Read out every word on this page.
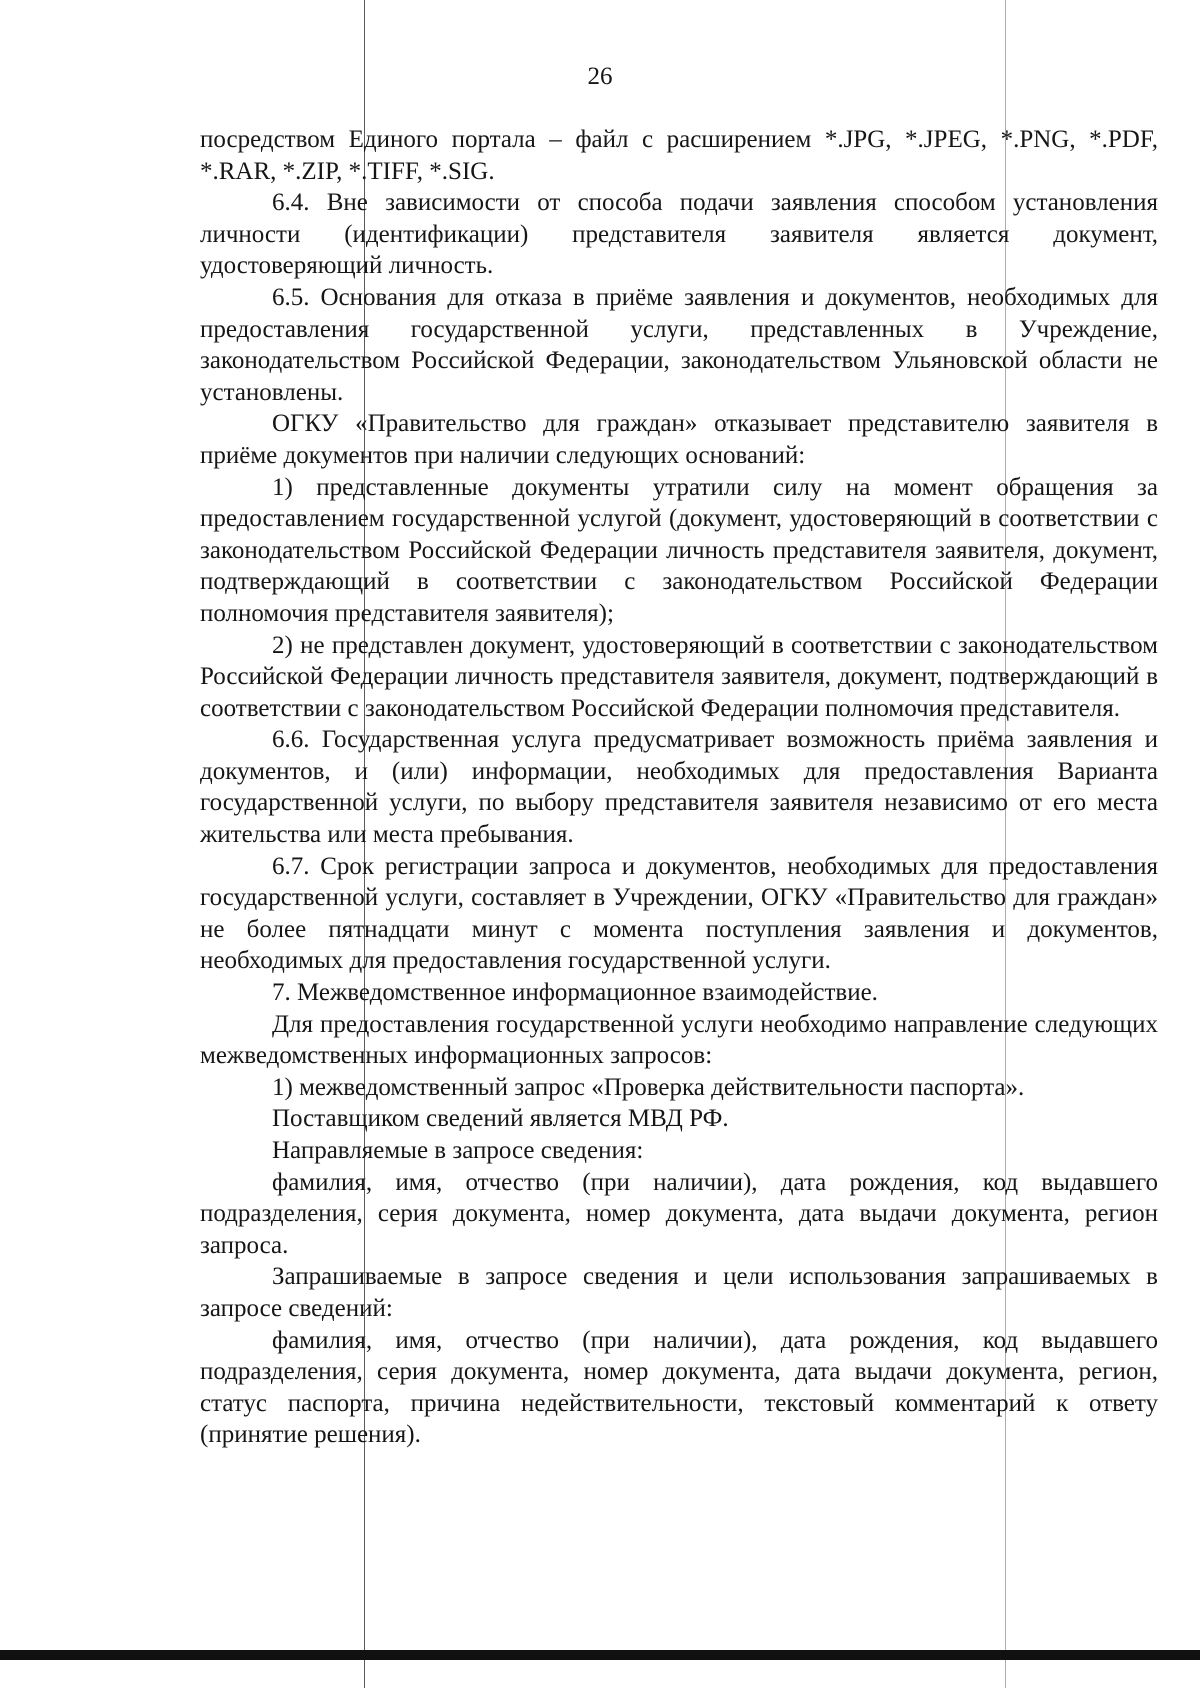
26

посредством Единого портала – файл с расширением *.JPG, *.JPEG, *.PNG, *.PDF, *.RAR, *.ZIP, *.TIFF, *.SIG.

6.4. Вне зависимости от способа подачи заявления способом установления личности (идентификации) представителя заявителя является документ, удостоверяющий личность.

6.5. Основания для отказа в приёме заявления и документов, необходимых для предоставления государственной услуги, представленных в Учреждение, законодательством Российской Федерации, законодательством Ульяновской области не установлены.

ОГКУ «Правительство для граждан» отказывает представителю заявителя в приёме документов при наличии следующих оснований:

1) представленные документы утратили силу на момент обращения за предоставлением государственной услугой (документ, удостоверяющий в соответствии с законодательством Российской Федерации личность представителя заявителя, документ, подтверждающий в соответствии с законодательством Российской Федерации полномочия представителя заявителя);

2) не представлен документ, удостоверяющий в соответствии с законодательством Российской Федерации личность представителя заявителя, документ, подтверждающий в соответствии с законодательством Российской Федерации полномочия представителя.

6.6. Государственная услуга предусматривает возможность приёма заявления и документов, и (или) информации, необходимых для предоставления Варианта государственной услуги, по выбору представителя заявителя независимо от его места жительства или места пребывания.

6.7. Срок регистрации запроса и документов, необходимых для предоставления государственной услуги, составляет в Учреждении, ОГКУ «Правительство для граждан» не более пятнадцати минут с момента поступления заявления и документов, необходимых для предоставления государственной услуги.

7. Межведомственное информационное взаимодействие.

Для предоставления государственной услуги необходимо направление следующих межведомственных информационных запросов:

1) межведомственный запрос «Проверка действительности паспорта».

Поставщиком сведений является МВД РФ.

Направляемые в запросе сведения:

фамилия, имя, отчество (при наличии), дата рождения, код выдавшего подразделения, серия документа, номер документа, дата выдачи документа, регион запроса.

Запрашиваемые в запросе сведения и цели использования запрашиваемых в запросе сведений:

фамилия, имя, отчество (при наличии), дата рождения, код выдавшего подразделения, серия документа, номер документа, дата выдачи документа, регион, статус паспорта, причина недействительности, текстовый комментарий к ответу (принятие решения).
